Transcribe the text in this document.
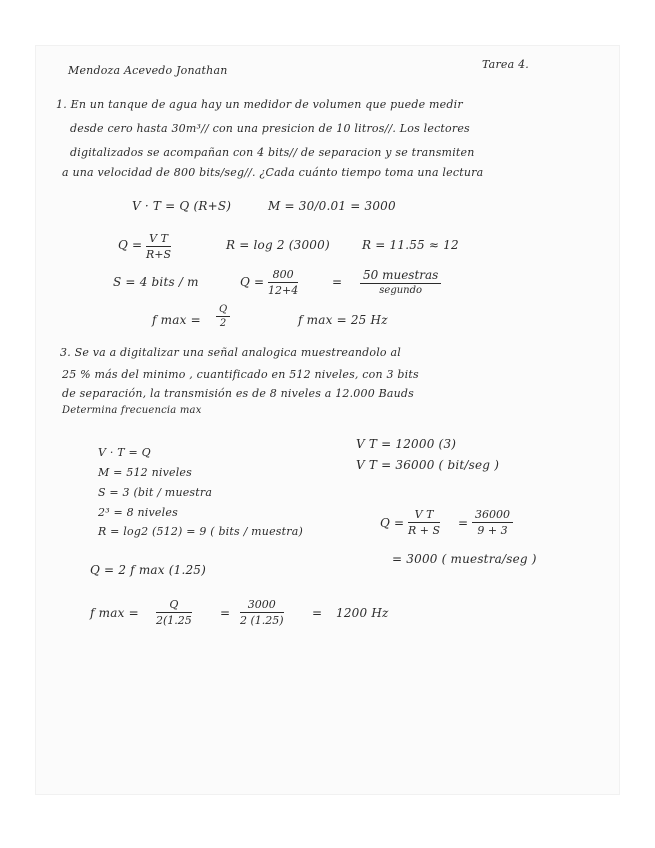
Mendoza Acevedo Jonathan	Tarea 4.
1. En un tanque de agua hay un medidor de volumen que puede medir
desde cero hasta 30m³// con una presicion de 10 litros//. Los lectores
digitalizados se acompañan con 4 bits// de separacion y se transmiten
a una velocidad de 800 bits/seg//. ¿Cada cuánto tiempo toma una lectura
V · T = Q (R+S)	M = 30/0.01 = 3000
$Q = \frac{\text{V T}}{R+S}$	R = log 2 (3000)	R = 11.55 ≈ 12
S = 4 bits / m	$Q = \frac{800}{12+4}$	= 50 muestras
segundo
f $\max = \frac{Q}{2}$	f max = 25 Hz
3. Se va a digitalizar una señal analogica muestreandolo al
25 % más del minimo , cuantificado en 512 niveles, con 3 bits
de separación, la transmisión es de 8 niveles a 12.000 Bauds
Determina frecuencia max
V · T = Q
M = 512 niveles
S = 3 (bit / muestra
2³ = 8 niveles
R = log2 (512) = 9 ( bits / muestra)
V T = 12000 (3)
V T = 36000 ( bit/seg )
$Q = \frac{\text{V T}}{R + S} = \frac{36000}{9 + 3}$
= 3000 ( muestra/seg )
Q = 2 f max (1.25)
f $\max = \frac{Q}{2(1.25} = \frac{3000}{2 (1.25)} = 1200$ Hz
